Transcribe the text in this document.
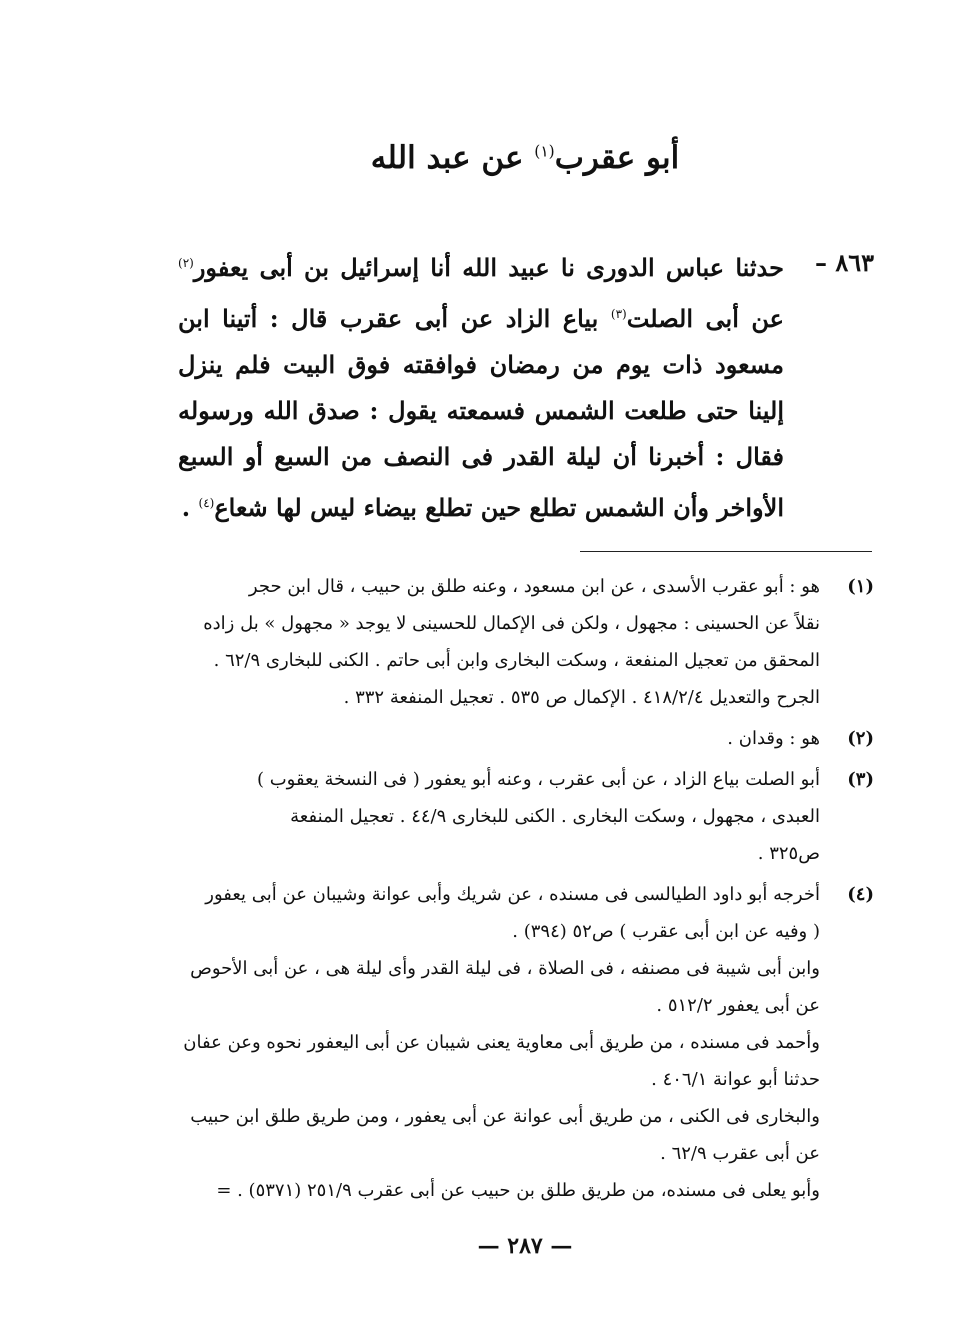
أبو عقرب$^{(١)}$ عن عبد الله
٨٦٣ –
حدثنا عباس الدورى نا عبيد الله أنا إسرائيل بن أبى يعفور$^{(٢)}$ عن أبى الصلت$^{(٣)}$ بياع الزاد عن أبى عقرب قال : أتينا ابن مسعود ذات يوم من رمضان فوافقته فوق البيت فلم ينزل إلينا حتى طلعت الشمس فسمعته يقول : صدق الله ورسوله فقال : أخبرنا أن ليلة القدر فى النصف من السبع أو السبع الأواخر وأن الشمس تطلع حين تطلع بيضاء ليس لها شعاع$^{(٤)}$ .
(١)
هو : أبو عقرب الأسدى ، عن ابن مسعود ، وعنه طلق بن حبيب ، قال ابن حجر
نقلاً عن الحسينى : مجهول ، ولكن فى الإكمال للحسينى لا يوجد « مجهول » بل زاده
المحقق من تعجيل المنفعة ، وسكت البخارى وابن أبى حاتم . الكنى للبخارى ٦٢/٩ .
الجرح والتعديل ٤١٨/٢/٤ . الإكمال ص ٥٣٥ . تعجيل المنفعة ٣٣٢ .
(٢)
هو : وقدان .
(٣)
أبو الصلت بياع الزاد ، عن أبى عقرب ، وعنه أبو يعفور ( فى النسخة يعقوب )
العبدى ، مجهول ، وسكت البخارى . الكنى للبخارى ٤٤/٩ . تعجيل المنفعة
ص٣٢٥ .
(٤)
أخرجه أبو داود الطيالسى فى مسنده ، عن شريك وأبى عوانة وشيبان عن أبى يعفور
( وفيه عن ابن أبى عقرب ) ص٥٢ (٣٩٤) .
وابن أبى شيبة فى مصنفه ، فى الصلاة ، فى ليلة القدر وأى ليلة هى ، عن أبى الأحوص
عن أبى يعفور ٥١٢/٢ .
وأحمد فى مسنده ، من طريق أبى معاوية يعنى شيبان عن أبى اليعفور نحوه وعن عفان
حدثنا أبو عوانة ٤٠٦/١ .
والبخارى فى الكنى ، من طريق أبى عوانة عن أبى يعفور ، ومن طريق طلق ابن حبيب
عن أبى عقرب ٦٢/٩ .
وأبو يعلى فى مسنده، من طريق طلق بن حبيب عن أبى عقرب ٢٥١/٩ (٥٣٧١) . =
— ٢٨٧ —
